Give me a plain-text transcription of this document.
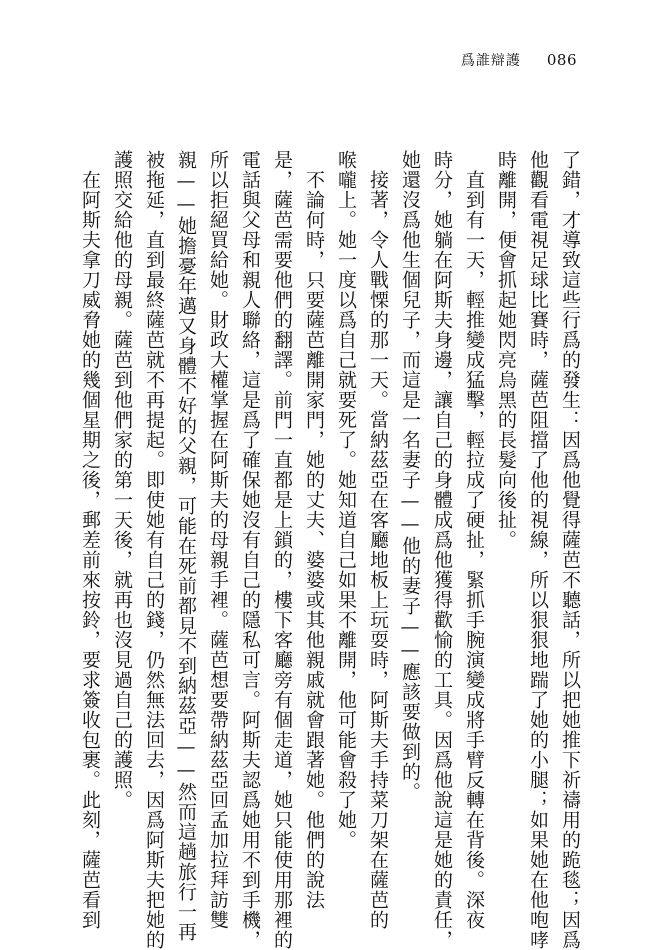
爲誰辯護 086

了錯，才導致這些行爲的發生：因爲他覺得薩芭不聽話，所以把她推下祈禱用的跪毯；因爲

他觀看電視足球比賽時，薩芭阻擋了他的視線，所以狠狠地踹了她的小腿；如果她在他咆哮

時離開，便會抓起她閃亮烏黑的長髮向後扯。

　直到有一天，輕推變成猛擊，輕拉成了硬扯，緊抓手腕演變成將手臂反轉在背後。深夜

時分，她躺在阿斯夫身邊，讓自己的身體成爲他獲得歡愉的工具。因爲他說這是她的責任，

她還沒爲他生個兒子，而這是一名妻子——他的妻子——應該要做到的。

　接著，令人戰慄的那一天。當納茲亞在客廳地板上玩耍時，阿斯夫手持菜刀架在薩芭的

喉嚨上。她一度以爲自己就要死了。她知道自己如果不離開，他可能會殺了她。

　不論何時，只要薩芭離開家門，她的丈夫、婆婆或其他親戚就會跟著她。他們的說法

是，薩芭需要他們的翻譯。前門一直都是上鎖的，樓下客廳旁有個走道，她只能使用那裡的

電話與父母和親人聯絡，這是爲了確保她沒有自己的隱私可言。阿斯夫認爲她用不到手機，

所以拒絕買給她。財政大權掌握在阿斯夫的母親手裡。薩芭想要帶納茲亞回孟加拉拜訪雙

親——她擔憂年邁又身體不好的父親，可能在死前都見不到納茲亞——然而這趟旅行一再

被拖延，直到最終薩芭就不再提起。即使她有自己的錢，仍然無法回去，因爲阿斯夫把她的

護照交給他的母親。薩芭到他們家的第一天後，就再也沒見過自己的護照。

　在阿斯夫拿刀威脅她的幾個星期之後，郵差前來按鈴，要求簽收包裹。此刻，薩芭看到
